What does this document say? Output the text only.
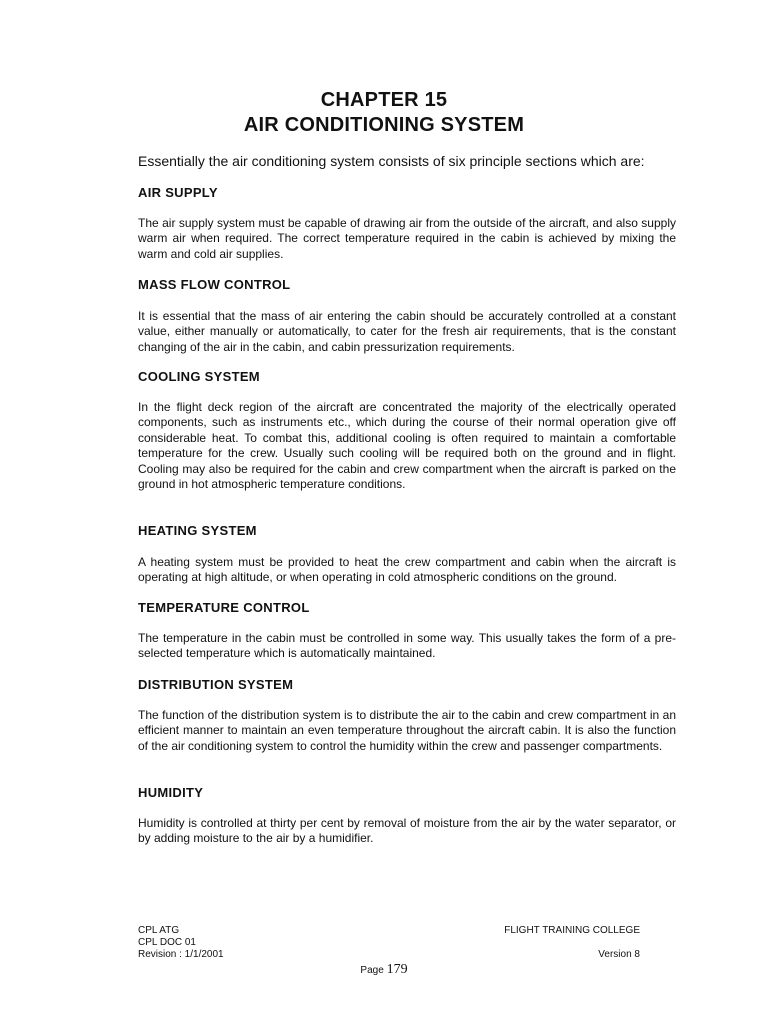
CHAPTER 15
AIR CONDITIONING SYSTEM

Essentially the air conditioning system consists of six principle sections which are:

AIR SUPPLY

The air supply system must be capable of drawing air from the outside of the aircraft, and also supply warm air when required. The correct temperature required in the cabin is achieved by mixing the warm and cold air supplies.

MASS FLOW CONTROL

It is essential that the mass of air entering the cabin should be accurately controlled at a constant value, either manually or automatically, to cater for the fresh air requirements, that is the constant changing of the air in the cabin, and cabin pressurization requirements.

COOLING SYSTEM

In the flight deck region of the aircraft are concentrated the majority of the electrically operated components, such as instruments etc., which during the course of their normal operation give off considerable heat. To combat this, additional cooling is often required to maintain a comfortable temperature for the crew. Usually such cooling will be required both on the ground and in flight. Cooling may also be required for the cabin and crew compartment when the aircraft is parked on the ground in hot atmospheric temperature conditions.

HEATING SYSTEM

A heating system must be provided to heat the crew compartment and cabin when the aircraft is operating at high altitude, or when operating in cold atmospheric conditions on the ground.

TEMPERATURE CONTROL

The temperature in the cabin must be controlled in some way. This usually takes the form of a pre-selected temperature which is automatically maintained.

DISTRIBUTION SYSTEM

The function of the distribution system is to distribute the air to the cabin and crew compartment in an efficient manner to maintain an even temperature throughout the aircraft cabin. It is also the function of the air conditioning system to control the humidity within the crew and passenger compartments.

HUMIDITY

Humidity is controlled at thirty per cent by removal of moisture from the air by the water separator, or by adding moisture to the air by a humidifier.

CPL ATG
CPL DOC 01
Revision : 1/1/2001
FLIGHT TRAINING COLLEGE
Version 8
Page 179
